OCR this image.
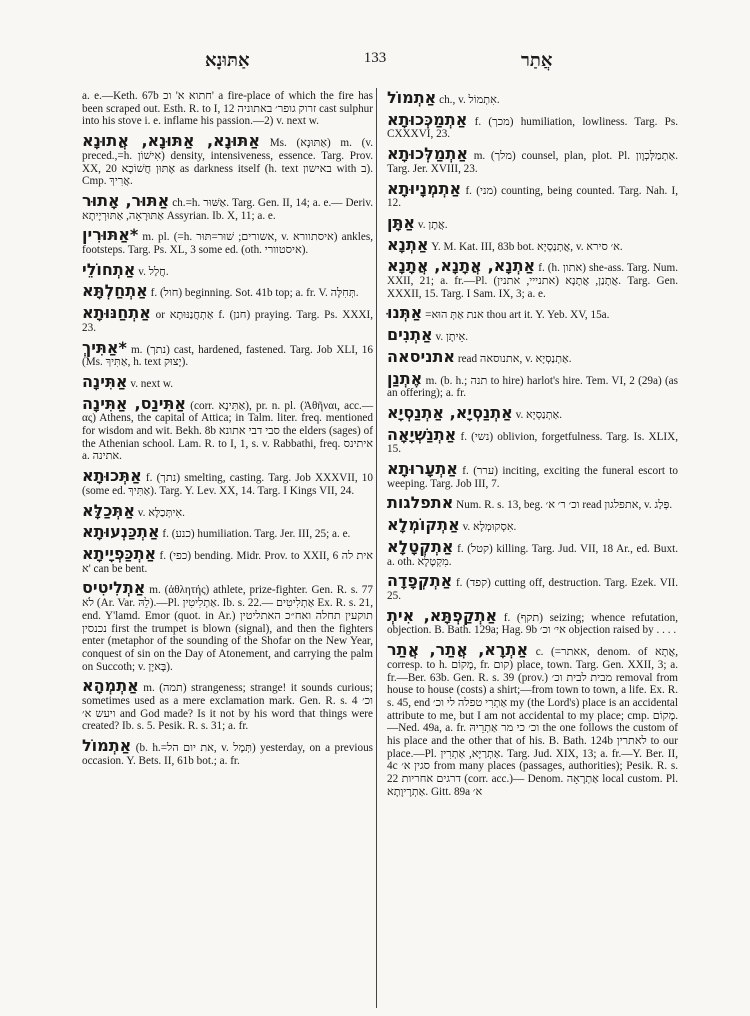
אַתּוּנָא	133	אֲתַר

a. e.—Keth. 67b חתוא א' וכ' a fire-place of which the fire has been scraped out. Esth. R. to I, 12 זרוק גופר׳ באתוניה cast sulphur into his stove i. e. inflame his passion.—2) v. next w.

אַתּוּנָא, אַתּוּנָא, אֲתוּנָא Ms. (אַתּוּנָא) m. (v. preced.,=h. אִישׁוֹן) density, intensiveness, essence. Targ. Prov. XX, 20 אֶתּוּן חֲשׁוֹכָא as darkness itself (h. text באישון with ב). Cmp. אֲרִיךְ.

אַתּוּר, אָתוּר ch.=h. אַשּׁוּר. Targ. Gen. II, 14; a. e.— Deriv. אַתּוּרָאָה, אַתּוּרְיָיתָא Assyrian. Ib. X, 11; a. e.

*אַתּוּרִין m. pl. (=h. אשורים; שׁוּר=תּוּר, v. איסתוורא) ankles, footsteps. Targ. Ps. XL, 3 some ed. (oth. איסטוורי).

אַתְחוֹלֵי v. חֲלַל.

אַתְחַלְתָּא f. (חול) beginning. Sot. 41b top; a. fr. V. תְּחִלָּה.

אַתְחַנּוּתָא or אַתְחֲנַנּוּתָא f. (חנן) praying. Targ. Ps. XXXI, 23.

*אַתִּיךְ m. (נתך) cast, hardened, fastened. Targ. Job XLI, 16 (Ms. אַתִּיךְ, h. text יָצוּק).

אַתִּינָה v. next w.

אַתִּינַס, אַתִּינָה (corr. אַתִּינָא), pr. n. pl. (Ἀθῆναι, acc.—ας) Athens, the capital of Attica; in Talm. liter. freq. mentioned for wisdom and wit. Bekh. 8b סבי דבי אתונא the elders (sages) of the Athenian school. Lam. R. to I, 1, s. v. Rabbathi, freq. איתינס a. אתינה.

אַתְּכוּתָא f. (נתך) smelting, casting. Targ. Job XXXVII, 10 (some ed. אַתִּיךְ). Targ. Y. Lev. XX, 14. Targ. I Kings VII, 24.

אַתְּכַלָּא v. אִיתְּכַלָּא.

אַתְכַּנְעוּתָא f. (כנע) humiliation. Targ. Jer. III, 25; a. e.

אַתְכַּפְיָיתָא f. (כפי) bending. Midr. Prov. to XXII, 6 אית לה א' can be bent.

אַתְלִיטִיס m. (ἀθλητής) athlete, prize-fighter. Gen. R. s. 77 לֹא (Ar. Var. לֵהּ).—Pl. אַתְלִיטִין. Ib. s. 22.— אַתְלִיטִים Ex. R. s. 21, end. Y'lamd. Emor (quot. in Ar.) תוקעין תחלה ואח״כ האתליטין נכנסין first the trumpet is blown (signal), and then the fighters enter (metaphor of the sounding of the Shofar on the New Year, conquest of sin on the Day of Atonement, and carrying the palm on Succoth; v. בָּאיָן).

אַתְמְהָא m. (תמה) strangeness; strange! it sounds curious; sometimes used as a mere exclamation mark. Gen. R. s. 4 וכ׳ ויעש א׳ and God made? Is it not by his word that things were created? Ib. s. 5. Pesik. R. s. 31; a. fr.

אַתְמוֹל (b. h.=את יום הל, v. תְּמָל) yesterday, on a previous occasion. Y. Bets. II, 61b bot.; a. fr.

אַתְמוֹל ch., v. אִתְמוֹל.

אַתְמַכְּכוּתָא f. (מכך) humiliation, lowliness. Targ. Ps. CXXXVI, 23.

אַתְמַלְּכוּתָא m. (מלך) counsel, plan, plot. Pl. אַתְמַלְּכְוָון. Targ. Jer. XVIII, 23.

אַתְמְנָיוּתָא f. (מני) counting, being counted. Targ. Nah. I, 12.

אַתָּן v. אֲתָן.

אַתְנָא Y. M. Kat. III, 83b bot. אֲתְנַסְיָא, v. א׳ סירא.

אַתְנָא, אֲתָנָא, אֲתָנָא f. (h. אתון) she-ass. Targ. Num. XXII, 21; a. fr.—Pl. אֲתָנַן, אֲתָנָא (אתנייי, אתנין). Targ. Gen. XXXII, 15. Targ. I Sam. IX, 3; a. e.

אַתְּנוּ =אנת אַתְּ הוּא thou art it. Y. Yeb. XV, 15a.

אַתְנִים v. אֵיתָן.

אתניסאה read אתנוסאה, v. אַתְנַסְיָא.

אֶתְנַן m. (b. h.; תנה to hire) harlot's hire. Tem. VI, 2 (29a) (as an offering); a. fr.

אַתְנַסְיָא, אַתְנַסְיָא v. אַתְנַסְיָא.

אַתְנַשְׁיָאָה f. (נשי) oblivion, forgetfulness. Targ. Is. XLIX, 15.

אַתְעָרוּתָא f. (ערר) inciting, exciting the funeral escort to weeping. Targ. Job III, 7.

אתפלגות Num. R. s. 13, beg. וכ׳ ר׳ א׳ read אתפלגון, v. פְּלַג.

אַתְקוֹמְלָא v. אִסְקוּמְלָא.

אַתְקְטָלָא f. (קטל) killing. Targ. Jud. VII, 18 Ar., ed. Buxt. a. oth. מִקְטָלָא.

אַתְקְפָדָה f. (קפד) cutting off, destruction. Targ. Ezek. VII. 25.

אַתְקַפְתָּא, אִיתְ f. (תקף) seizing; whence refutation, objection. B. Bath. 129a; Hag. 9b אי׳ וכ׳ objection raised by . . . .

אַתְרָא, אֲתַר, אֲתַר c. (=אאתר, denom. of אֲתָא, corresp. to h. מָקוֹם, fr. קום) place, town. Targ. Gen. XXII, 3; a. fr.—Ber. 63b. Gen. R. s. 39 (prov.) מבית לבית וכ׳ removal from house to house (costs) a shirt;—from town to town, a life. Ex. R. s. 45, end אַתְרִי טפלה לי וכ׳ my (the Lord's) place is an accidental attribute to me, but I am not accidental to my place; cmp. מָקוֹם.—Ned. 49a, a. fr. וכ׳ כי מר אַתְרֵיהּ the one follows the custom of his place and the other that of his. B. Bath. 124b לאתרין to our place.—Pl. אַתְרַיָּא, אַתְרִין. Targ. Jud. XIX, 13; a. fr.—Y. Ber. II, 4c סגין א׳ from many places (passages, authorities); Pesik. R. s. 22 דרגים אחריות (corr. acc.)— Denom. אַתְרָאָה local custom. Pl. אַתְרָיוָתָא. Gitt. 89a א׳
